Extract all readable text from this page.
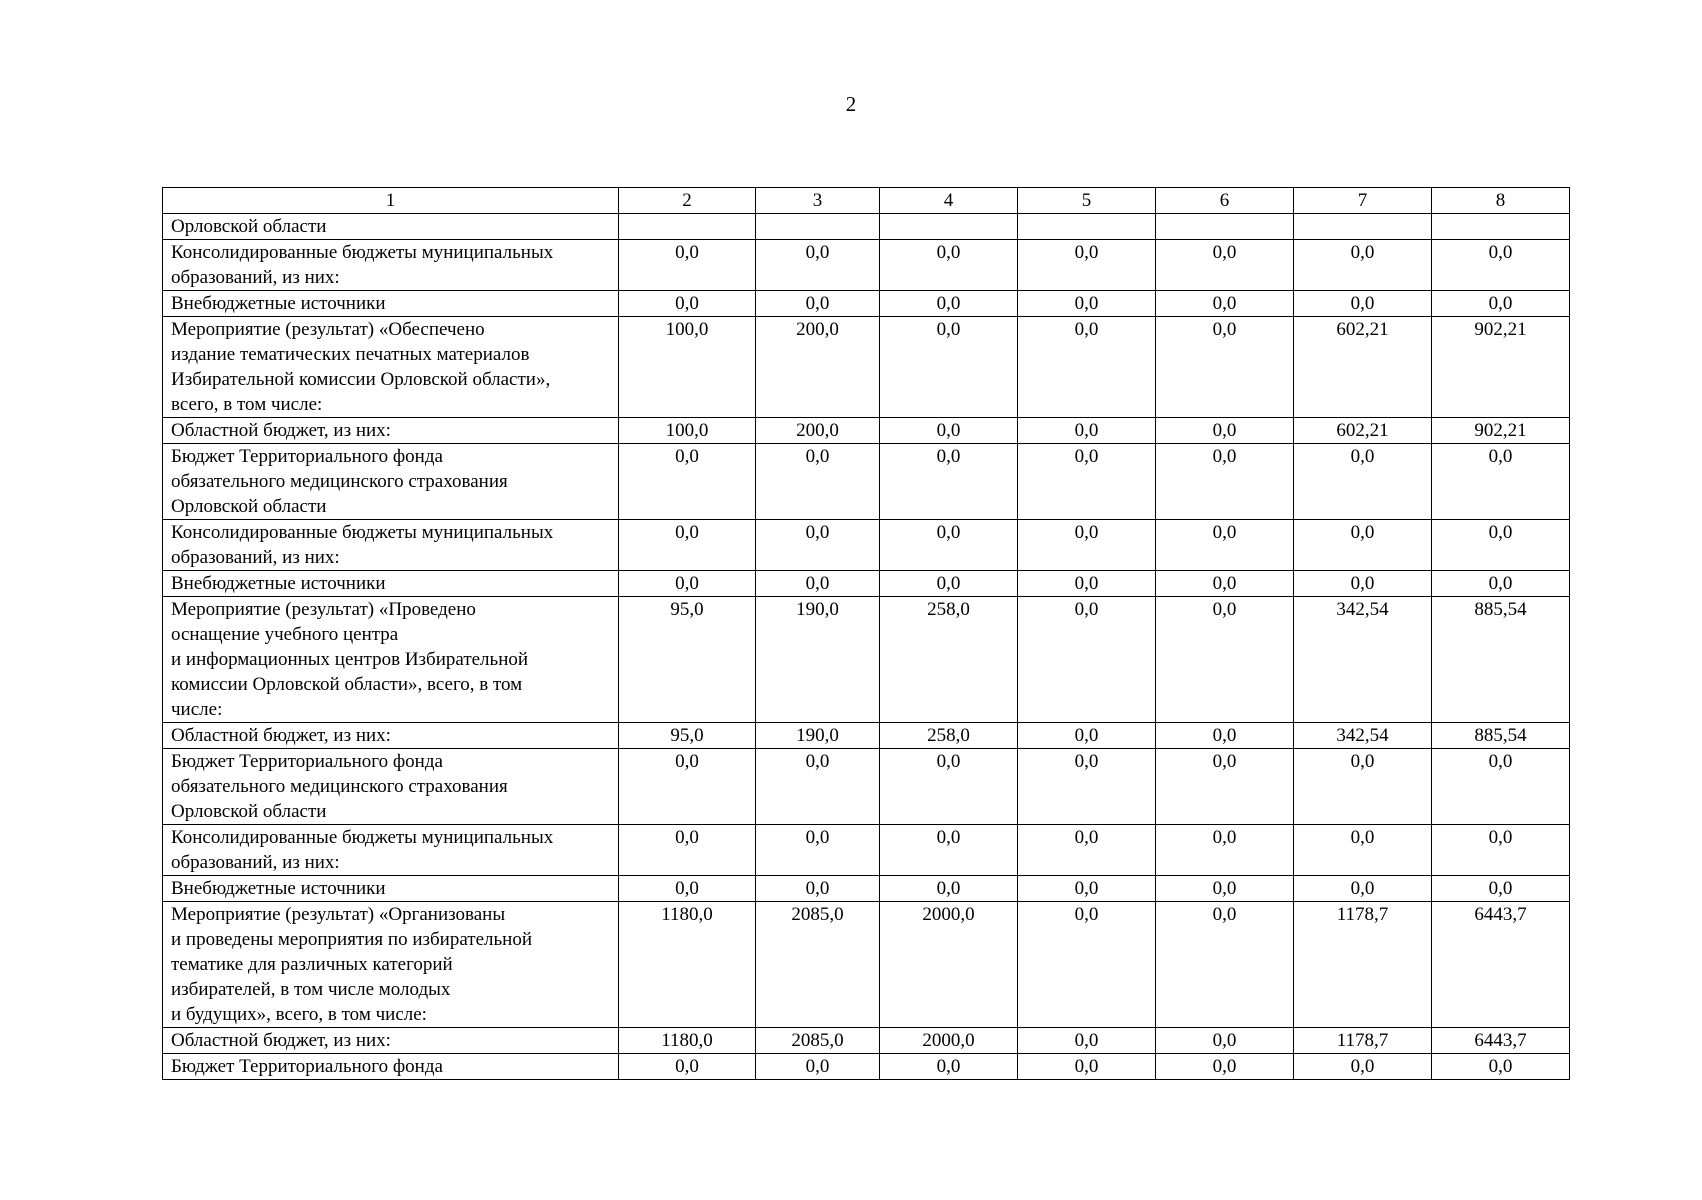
2
1	2	3	4	5	6	7	8
Орловской области							
Консолидированные бюджеты муниципальных
образований, из них:	0,0	0,0	0,0	0,0	0,0	0,0	0,0
Внебюджетные источники	0,0	0,0	0,0	0,0	0,0	0,0	0,0
Мероприятие (результат) «Обеспечено
издание тематических печатных материалов
Избирательной комиссии Орловской области»,
всего, в том числе:	100,0	200,0	0,0	0,0	0,0	602,21	902,21
Областной бюджет, из них:	100,0	200,0	0,0	0,0	0,0	602,21	902,21
Бюджет Территориального фонда
обязательного медицинского страхования
Орловской области	0,0	0,0	0,0	0,0	0,0	0,0	0,0
Консолидированные бюджеты муниципальных
образований, из них:	0,0	0,0	0,0	0,0	0,0	0,0	0,0
Внебюджетные источники	0,0	0,0	0,0	0,0	0,0	0,0	0,0
Мероприятие (результат) «Проведено
оснащение учебного центра
и информационных центров Избирательной
комиссии Орловской области», всего, в том
числе:	95,0	190,0	258,0	0,0	0,0	342,54	885,54
Областной бюджет, из них:	95,0	190,0	258,0	0,0	0,0	342,54	885,54
Бюджет Территориального фонда
обязательного медицинского страхования
Орловской области	0,0	0,0	0,0	0,0	0,0	0,0	0,0
Консолидированные бюджеты муниципальных
образований, из них:	0,0	0,0	0,0	0,0	0,0	0,0	0,0
Внебюджетные источники	0,0	0,0	0,0	0,0	0,0	0,0	0,0
Мероприятие (результат) «Организованы
и проведены мероприятия по избирательной
тематике для различных категорий
избирателей, в том числе молодых
и будущих», всего, в том числе:	1180,0	2085,0	2000,0	0,0	0,0	1178,7	6443,7
Областной бюджет, из них:	1180,0	2085,0	2000,0	0,0	0,0	1178,7	6443,7
Бюджет Территориального фонда	0,0	0,0	0,0	0,0	0,0	0,0	0,0
